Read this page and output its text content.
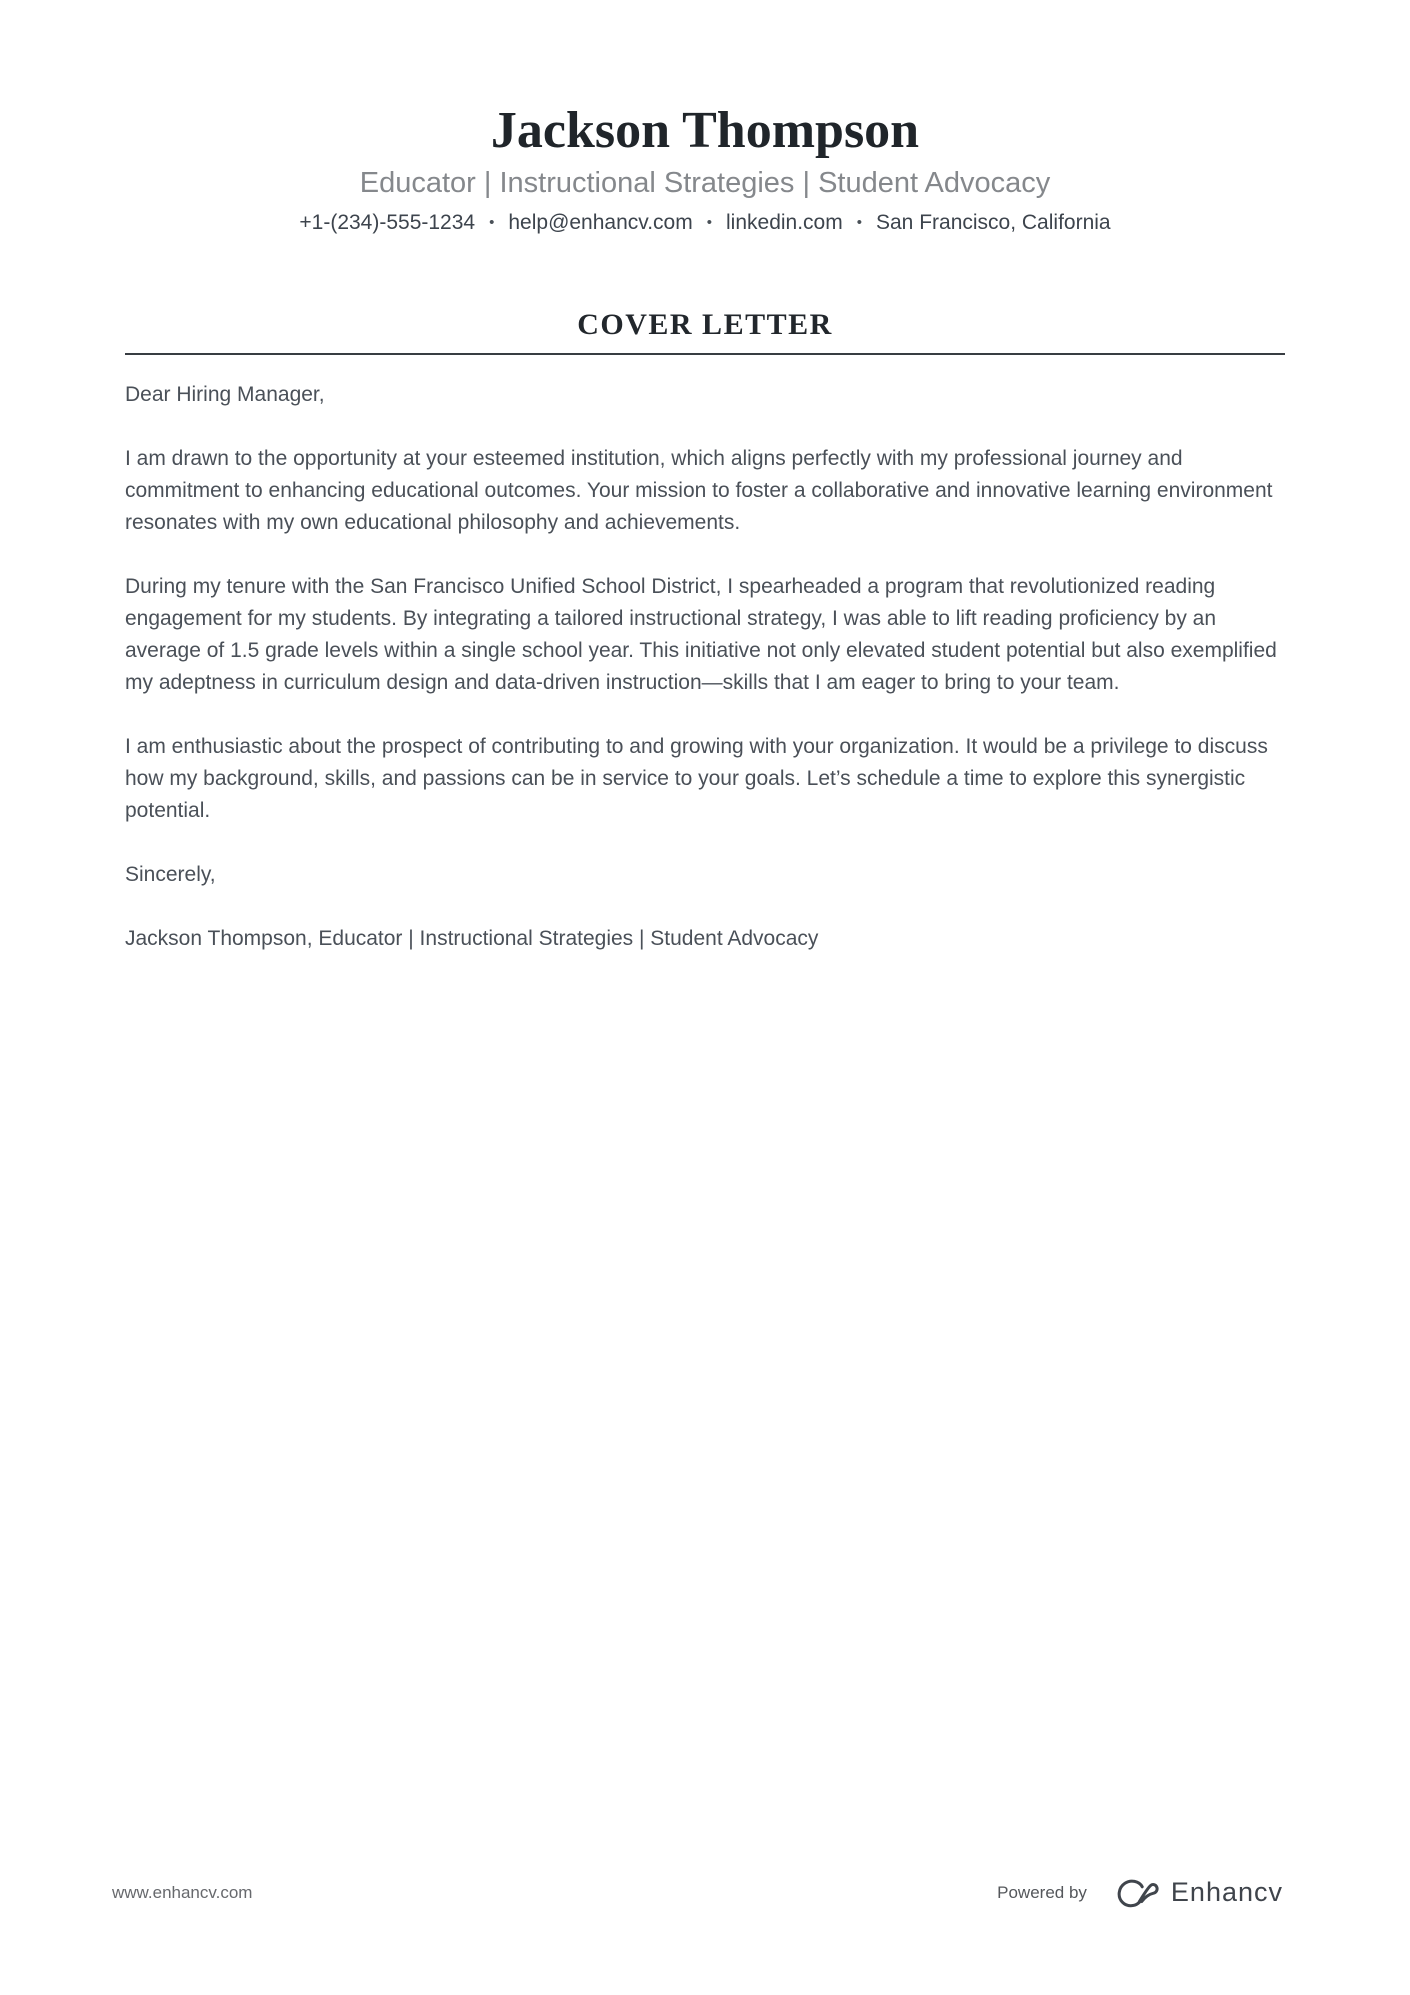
Jackson Thompson
Educator | Instructional Strategies | Student Advocacy
+1-(234)-555-1234 • help@enhancv.com • linkedin.com • San Francisco, California
COVER LETTER

Dear Hiring Manager,

I am drawn to the opportunity at your esteemed institution, which aligns perfectly with my professional journey and commitment to enhancing educational outcomes. Your mission to foster a collaborative and innovative learning environment resonates with my own educational philosophy and achievements.

During my tenure with the San Francisco Unified School District, I spearheaded a program that revolutionized reading engagement for my students. By integrating a tailored instructional strategy, I was able to lift reading proficiency by an average of 1.5 grade levels within a single school year. This initiative not only elevated student potential but also exemplified my adeptness in curriculum design and data-driven instruction—skills that I am eager to bring to your team.

I am enthusiastic about the prospect of contributing to and growing with your organization. It would be a privilege to discuss how my background, skills, and passions can be in service to your goals. Let’s schedule a time to explore this synergistic potential.

Sincerely,

Jackson Thompson, Educator | Instructional Strategies | Student Advocacy

www.enhancv.com	Powered by	Enhancv
